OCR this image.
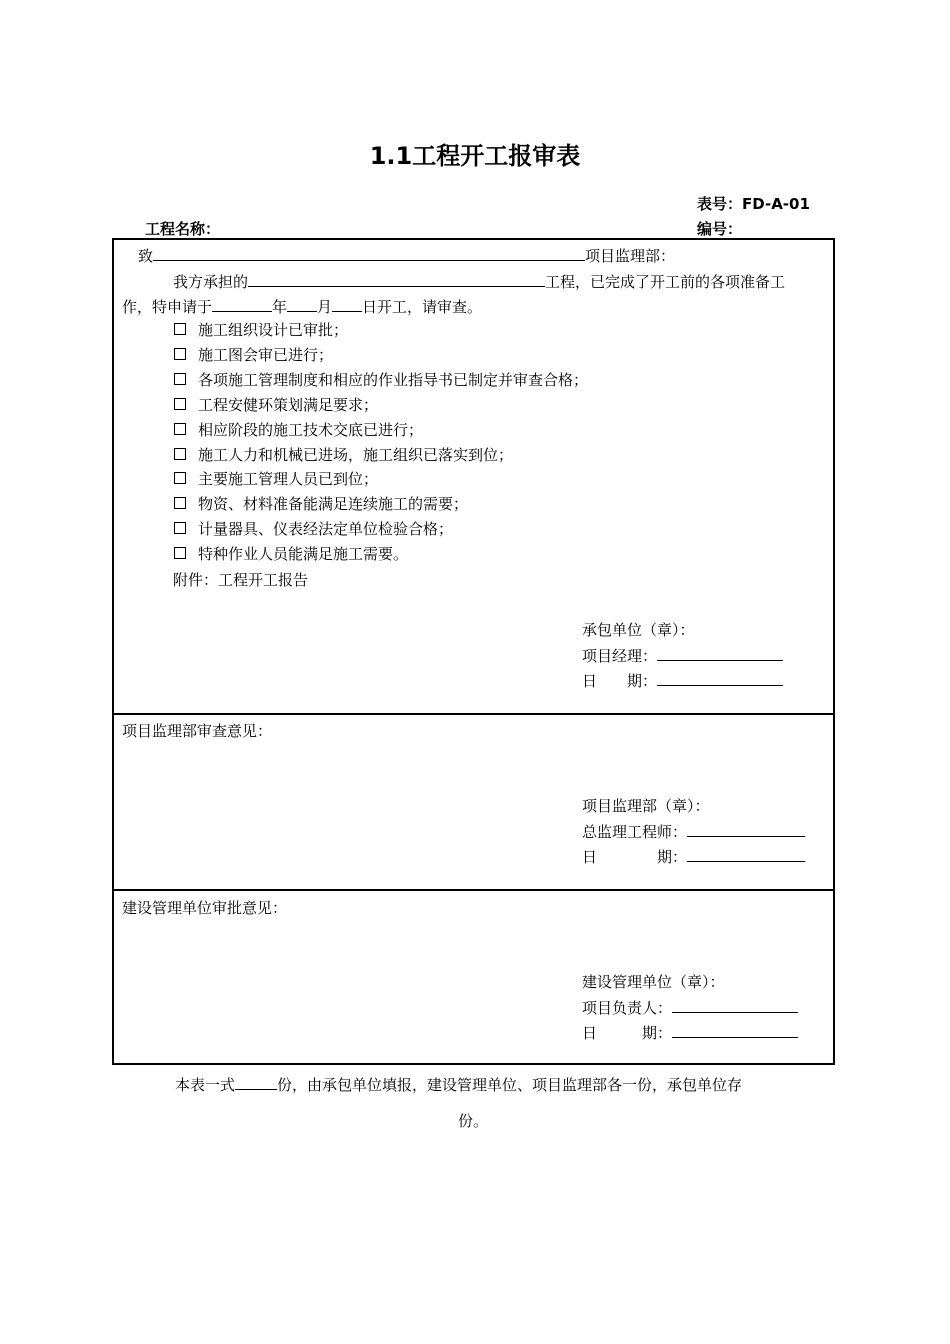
1.1工程开工报审表
表号：FD-A-01
工程名称：	编号：
致	项目监理部：
我方承担的	工程，已完成了开工前的各项准备工
作，特申请于	年 月 日开工，请审查。
施工组织设计已审批；
施工图会审已进行；
各项施工管理制度和相应的作业指导书已制定并审查合格；
工程安健环策划满足要求；
相应阶段的施工技术交底已进行；
施工人力和机械已进场，施工组织已落实到位；
主要施工管理人员已到位；
物资、材料准备能满足连续施工的需要；
计量器具、仪表经法定单位检验合格；
特种作业人员能满足施工需要。
附件：工程开工报告
承包单位（章）：
项目经理：
日　　期：
项目监理部审查意见：
项目监理部（章）：
总监理工程师：
日　　　　期：
建设管理单位审批意见：
建设管理单位（章）：
项目负责人：
日　　　期：
本表一式	份，由承包单位填报，建设管理单位、项目监理部各一份，承包单位存
份。
